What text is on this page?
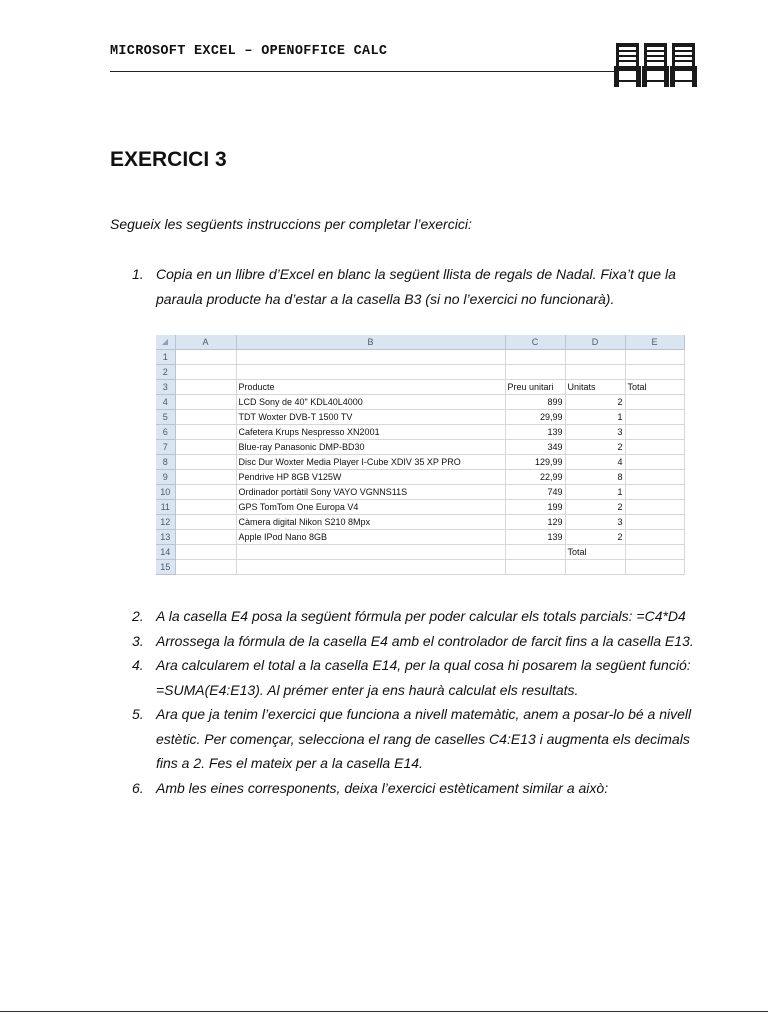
MICROSOFT EXCEL – OPENOFFICE CALC
EXERCICI 3
Segueix les següents instruccions per completar l’exercici:
1. Copia en un llibre d’Excel en blanc la següent llista de regals de Nadal. Fixa’t que la paraula producte ha d’estar a la casella B3 (si no l’exercici no funcionarà).
	A	B	C	D	E
1					
2					
3		Producte	Preu unitari	Unitats	Total
4		LCD Sony de 40" KDL40L4000	899	2	
5		TDT Woxter DVB-T 1500 TV	29,99	1	
6		Cafetera Krups Nespresso XN2001	139	3	
7		Blue-ray Panasonic DMP-BD30	349	2	
8		Disc Dur Woxter Media Player I-Cube XDIV 35 XP PRO	129,99	4	
9		Pendrive HP 8GB V125W	22,99	8	
10		Ordinador portàtil Sony VAYO VGNNS11S	749	1	
11		GPS TomTom One Europa V4	199	2	
12		Càmera digital Nikon S210 8Mpx	129	3	
13		Apple IPod Nano 8GB	139	2	
14				Total	
15					
2. A la casella E4 posa la següent fórmula per poder calcular els totals parcials: =C4*D4
3. Arrossega la fórmula de la casella E4 amb el controlador de farcit fins a la casella E13.
4. Ara calcularem el total a la casella E14, per la qual cosa hi posarem la següent funció: =SUMA(E4:E13). Al prémer enter ja ens haurà calculat els resultats.
5. Ara que ja tenim l’exercici que funciona a nivell matemàtic, anem a posar-lo bé a nivell estètic. Per començar, selecciona el rang de caselles C4:E13 i augmenta els decimals fins a 2. Fes el mateix per a la casella E14.
6. Amb les eines corresponents, deixa l’exercici estèticament similar a això:
